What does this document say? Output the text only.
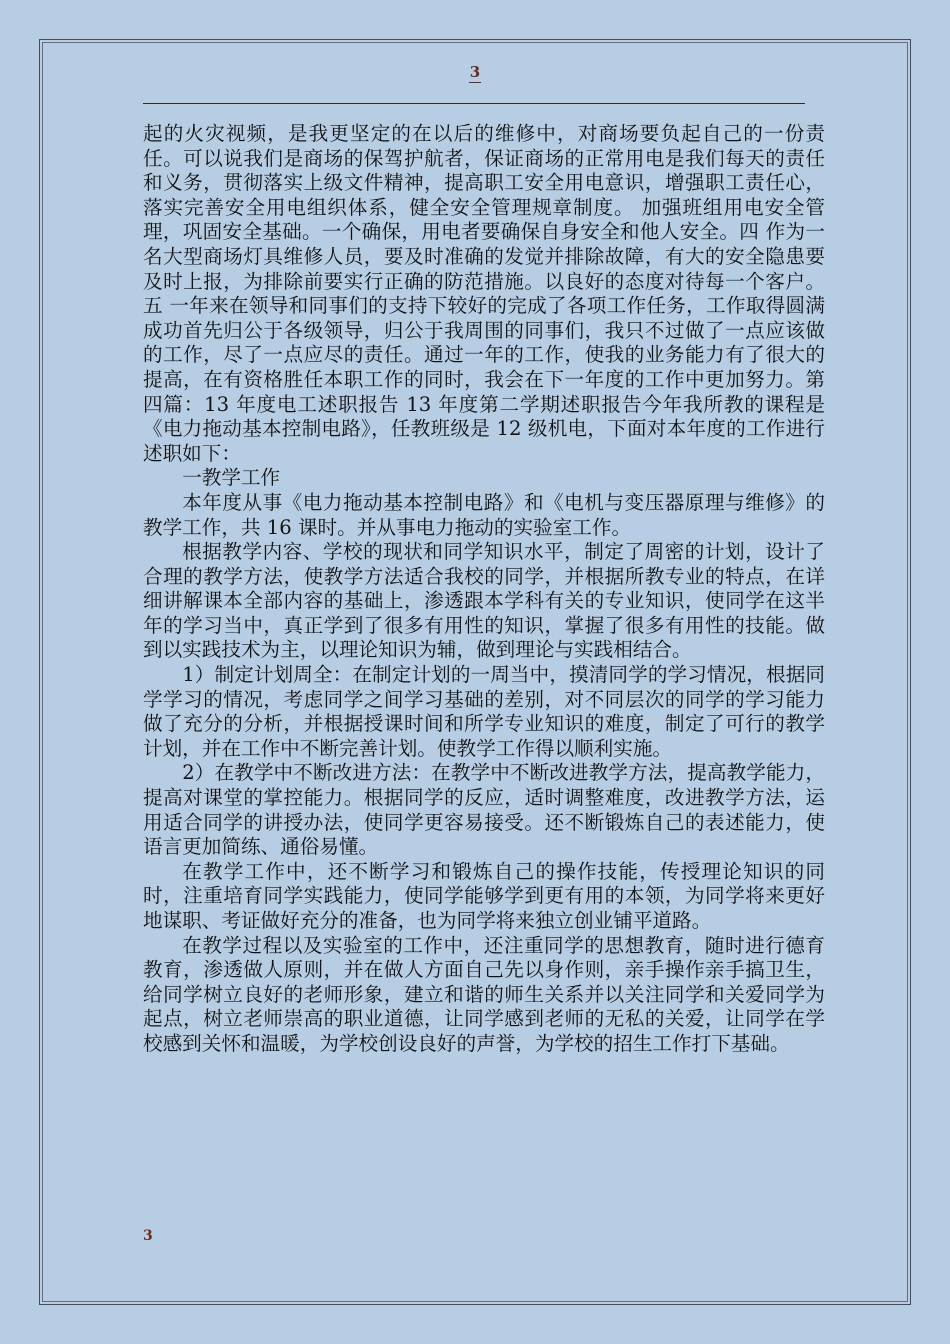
3

起的火灾视频，是我更坚定的在以后的维修中，对商场要负起自己的一份责任。可以说我们是商场的保驾护航者，保证商场的正常用电是我们每天的责任和义务，贯彻落实上级文件精神，提高职工安全用电意识，增强职工责任心， 落实完善安全用电组织体系，健全安全管理规章制度。 加强班组用电安全管理，巩固安全基础。一个确保，用电者要确保自身安全和他人安全。四 作为一名大型商场灯具维修人员，要及时准确的发觉并排除故障，有大的安全隐患要及时上报，为排除前要实行正确的防范措施。以良好的态度对待每一个客户。五 一年来在领导和同事们的支持下较好的完成了各项工作任务，工作取得圆满成功首先归公于各级领导，归公于我周围的同事们，我只不过做了一点应该做的工作，尽了一点应尽的责任。通过一年的工作，使我的业务能力有了很大的提高，在有资格胜任本职工作的同时，我会在下一年度的工作中更加努力。第四篇：13 年度电工述职报告 13 年度第二学期述职报告今年我所教的课程是《电力拖动基本控制电路》，任教班级是 12 级机电，下面对本年度的工作进行述职如下：

一教学工作

本年度从事《电力拖动基本控制电路》和《电机与变压器原理与维修》的教学工作，共 16 课时。并从事电力拖动的实验室工作。

根据教学内容、学校的现状和同学知识水平，制定了周密的计划，设计了合理的教学方法，使教学方法适合我校的同学，并根据所教专业的特点，在详细讲解课本全部内容的基础上，渗透跟本学科有关的专业知识，使同学在这半年的学习当中，真正学到了很多有用性的知识，掌握了很多有用性的技能。做到以实践技术为主，以理论知识为辅，做到理论与实践相结合。

1）制定计划周全：在制定计划的一周当中，摸清同学的学习情况，根据同学学习的情况，考虑同学之间学习基础的差别，对不同层次的同学的学习能力做了充分的分析，并根据授课时间和所学专业知识的难度，制定了可行的教学计划，并在工作中不断完善计划。使教学工作得以顺利实施。

2）在教学中不断改进方法：在教学中不断改进教学方法，提高教学能力，提高对课堂的掌控能力。根据同学的反应，适时调整难度，改进教学方法，运用适合同学的讲授办法，使同学更容易接受。还不断锻炼自己的表述能力，使语言更加简练、通俗易懂。

在教学工作中，还不断学习和锻炼自己的操作技能，传授理论知识的同时，注重培育同学实践能力，使同学能够学到更有用的本领，为同学将来更好地谋职、考证做好充分的准备，也为同学将来独立创业铺平道路。

在教学过程以及实验室的工作中，还注重同学的思想教育，随时进行德育教育，渗透做人原则，并在做人方面自己先以身作则，亲手操作亲手搞卫生，给同学树立良好的老师形象，建立和谐的师生关系并以关注同学和关爱同学为起点，树立老师崇高的职业道德，让同学感到老师的无私的关爱，让同学在学校感到关怀和温暖，为学校创设良好的声誉，为学校的招生工作打下基础。

3
